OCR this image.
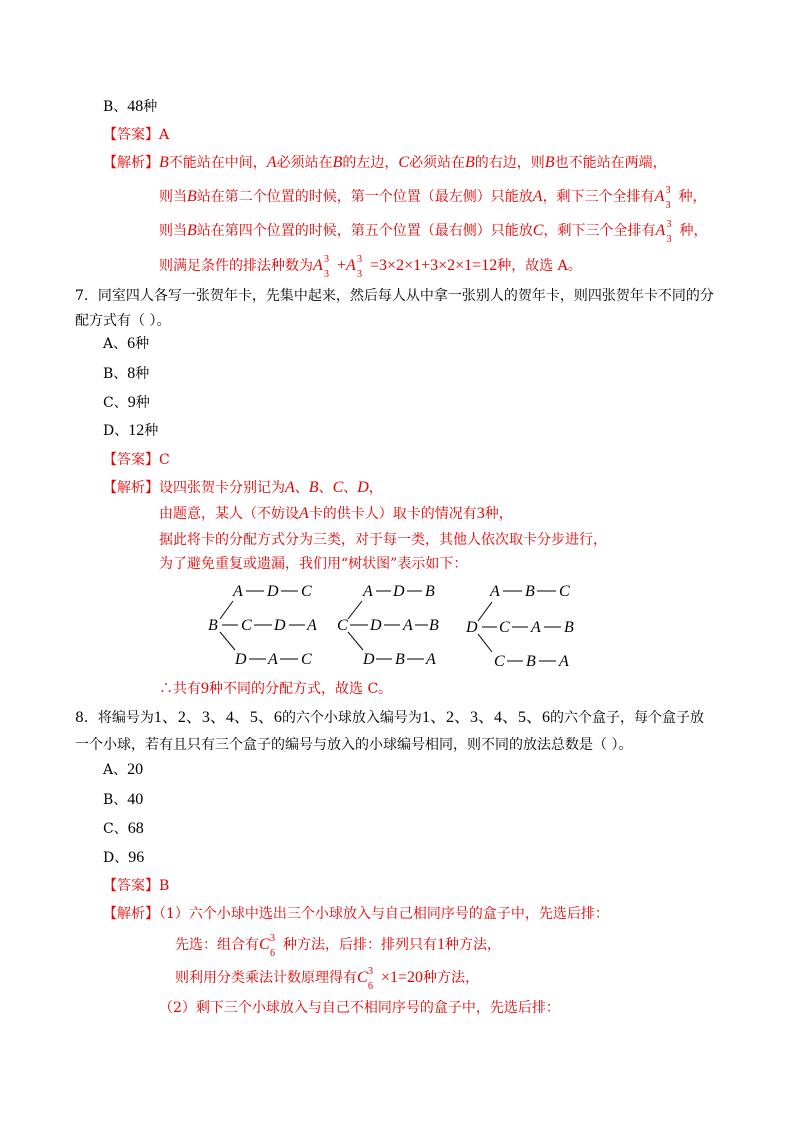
B、48种
【答案】A
【解析】B不能站在中间，A必须站在B的左边，C必须站在B的右边，则B也不能站在两端，
则当B站在第二个位置的时候，第一个位置（最左侧）只能放A，剩下三个全排有 A 3
3
种，
则当B站在第四个位置的时候，第五个位置（最右侧）只能放C，剩下三个全排有 A 3
3
种，
则满足条件的排法种数为 A 3
3
+ A 3
3
=3×2×1+3×2×1=12种，故选 A。
7．同室四人各写一张贺年卡，先集中起来，然后每人从中拿一张别人的贺年卡，则四张贺年卡不同的分
配方式有（ ）。
A、6种
B、8种
C、9种
D、12种
【答案】C
【解析】设四张贺卡分别记为A、B、C、D，
由题意，某人（不妨设A卡的供卡人）取卡的情况有3种，
据此将卡的分配方式分为三类，对于每一类，其他人依次取卡分步进行，
为了避免重复或遗漏，我们用“树状图”表示如下：
B
A D C
C D A
D A C
C
A D B
D A B
D B A
D
A B C
C A B
C B A
∴共有9种不同的分配方式，故选 C。
8．将编号为1、2、3、4、5、6的六个小球放入编号为1、2、3、4、5、6的六个盒子，每个盒子放
一个小球，若有且只有三个盒子的编号与放入的小球编号相同，则不同的放法总数是（ ）。
A、20
B、40
C、68
D、96
【答案】B
【解析】（1）六个小球中选出三个小球放入与自己相同序号的盒子中，先选后排：
先选：组合有 C 3
6
种方法，后排：排列只有1种方法，
则利用分类乘法计数原理得有 C 3
6
×1=20种方法，
（2）剩下三个小球放入与自己不相同序号的盒子中，先选后排：
